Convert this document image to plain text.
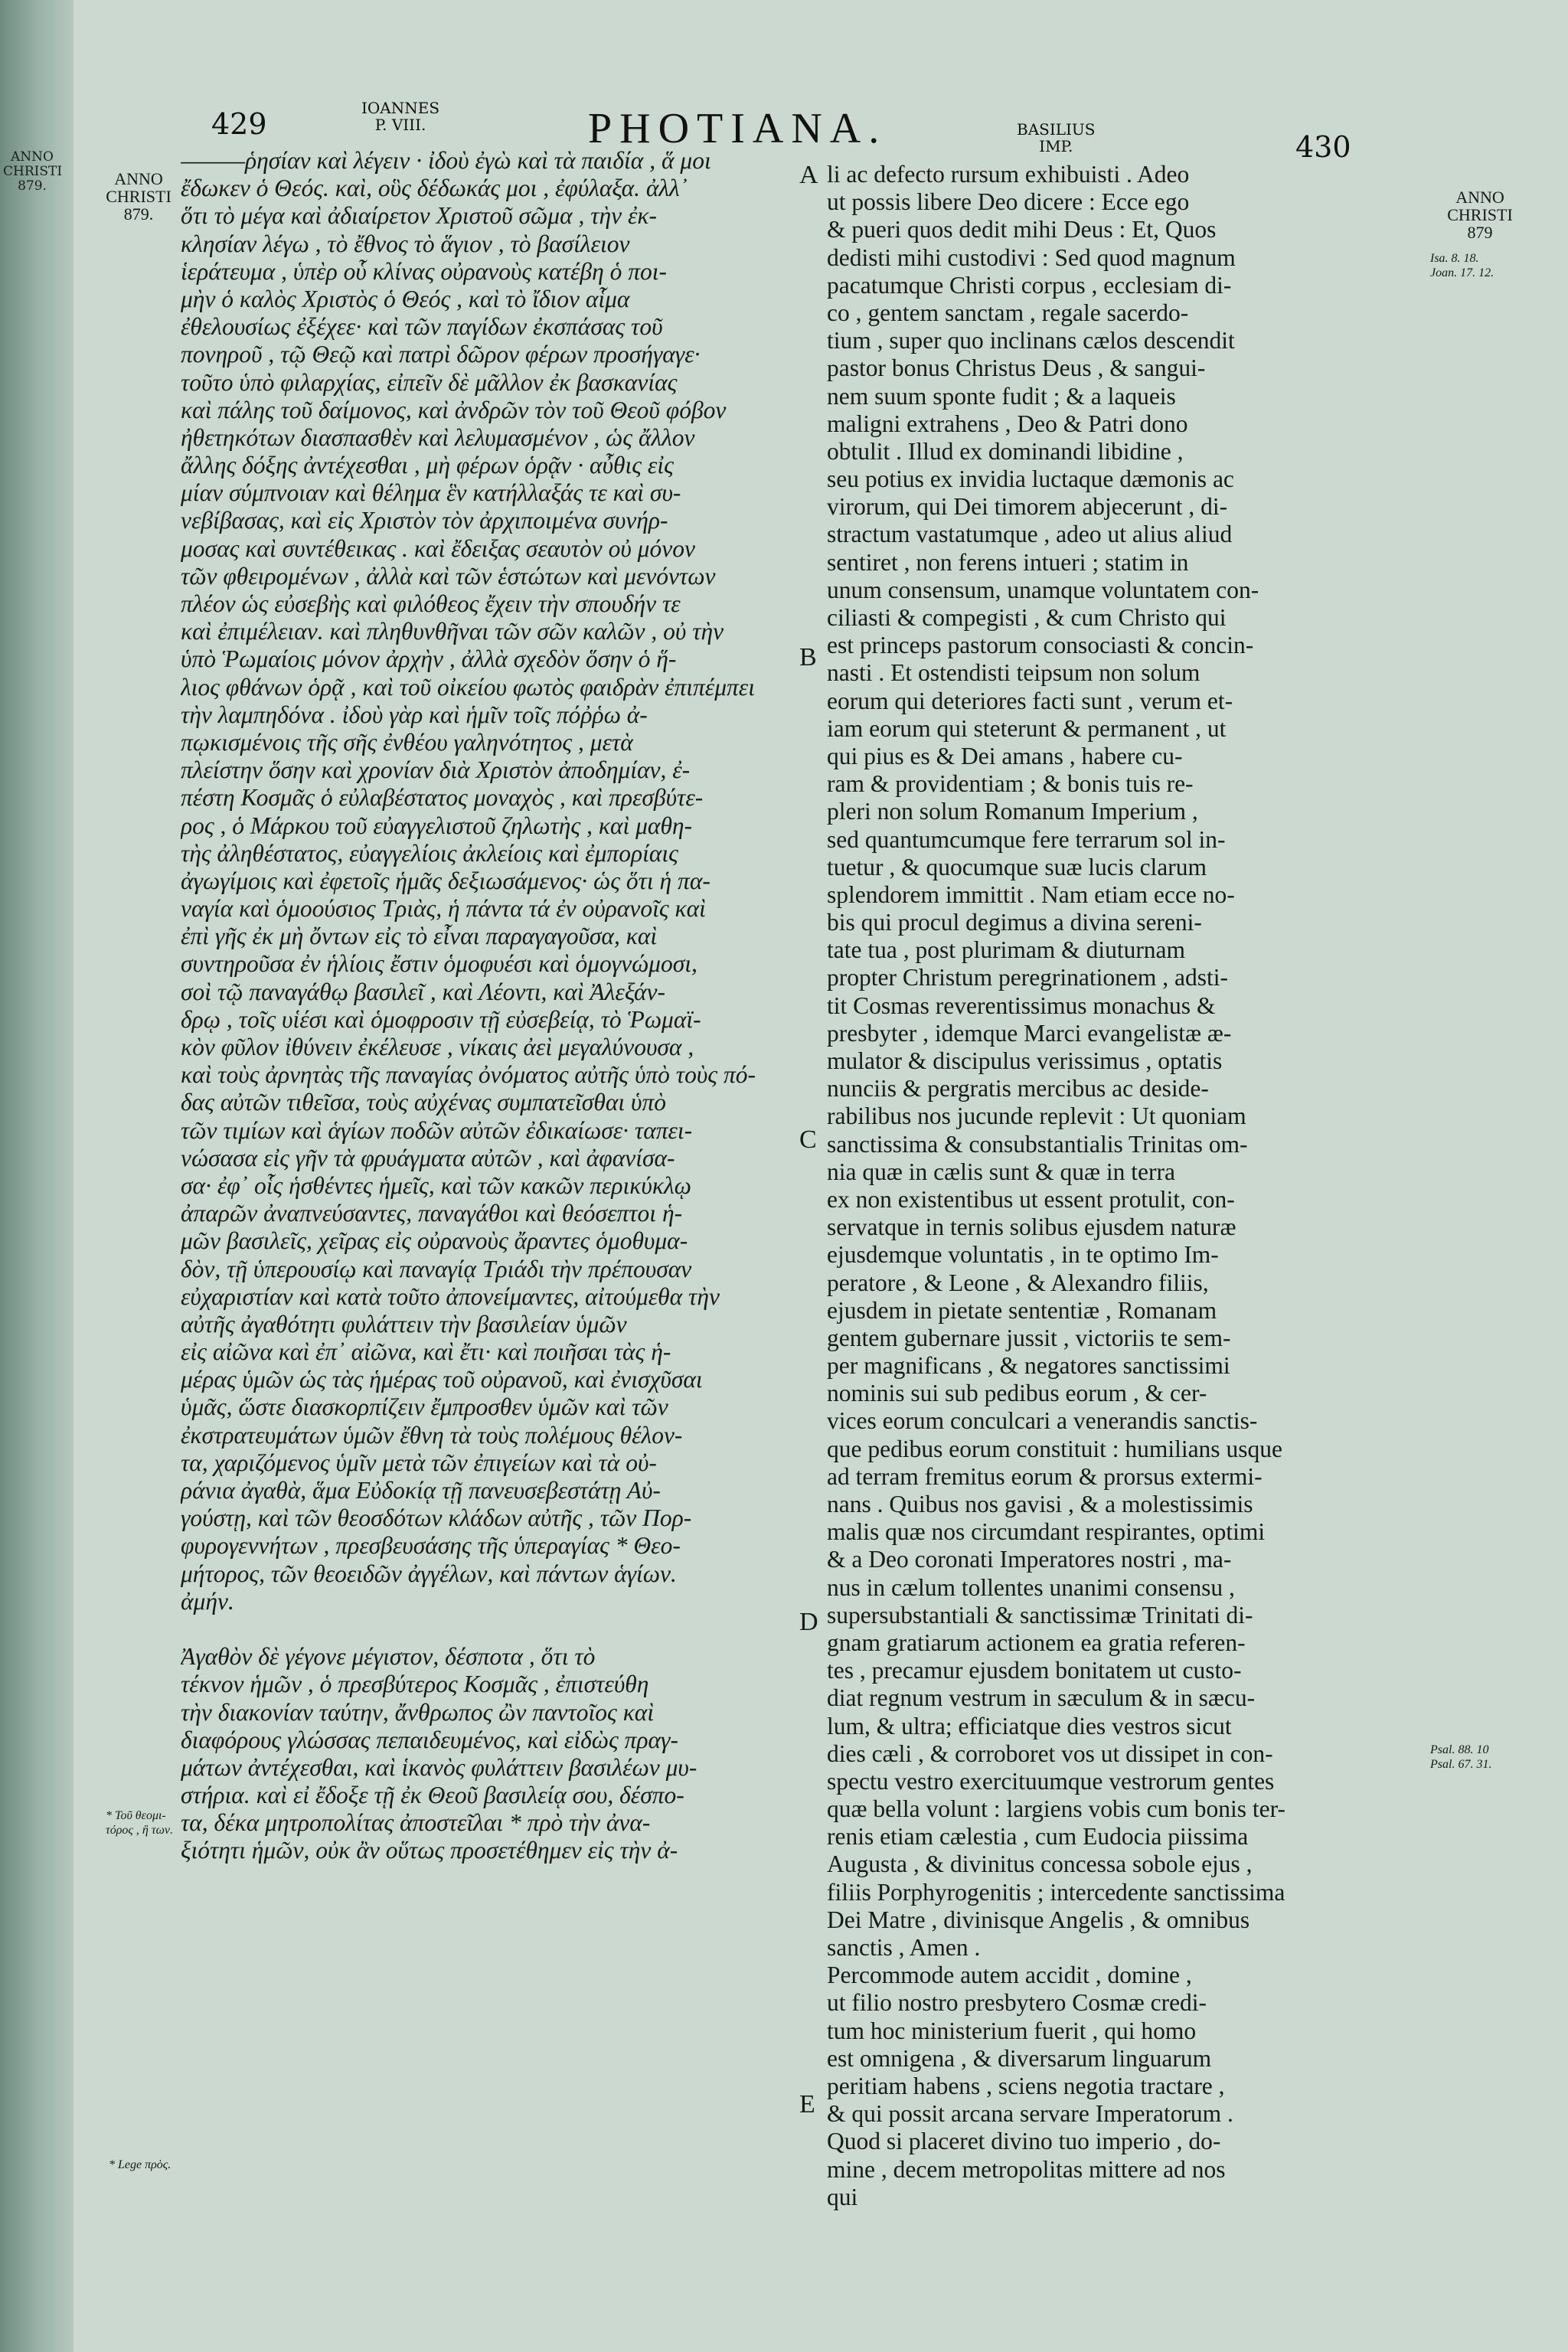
ANNO
CHRISTI
879.
429	IOANNES
P. VIII.	PHOTIANA.	BASILIUS
IMP.	430
ANNO
CHRISTI
879.
* Τοῦ θεομι-
τόρος , ἢ των.
* Lege πρὸς.
ANNO
CHRISTI
879
Isa. 8. 18.
Joan. 17. 12.
Psal. 88. 10
Psal. 67. 31.
———ῥησίαν καὶ λέγειν · ἰδοὺ ἐγὼ καὶ τὰ παιδία , ἅ μοι
ἔδωκεν ὁ Θεός. καὶ, οὓς δέδωκάς μοι , ἐφύλαξα. ἀλλ᾿
ὅτι τὸ μέγα καὶ ἀδιαίρετον Χριστοῦ σῶμα , τὴν ἐκ-
κλησίαν λέγω , τὸ ἔθνος τὸ ἅγιον , τὸ βασίλειον
ἱεράτευμα , ὑπὲρ οὗ κλίνας οὐρανοὺς κατέβη ὁ ποι-
μὴν ὁ καλὸς Χριστὸς ὁ Θεός , καὶ τὸ ἴδιον αἷμα
ἐθελουσίως ἐξέχεε· καὶ τῶν παγίδων ἐκσπάσας τοῦ
πονηροῦ , τῷ Θεῷ καὶ πατρὶ δῶρον φέρων προσήγαγε·
τοῦτο ὑπὸ φιλαρχίας, εἰπεῖν δὲ μᾶλλον ἐκ βασκανίας
καὶ πάλης τοῦ δαίμονος, καὶ ἀνδρῶν τὸν τοῦ Θεοῦ φόβον
ἠθετηκότων διασπασθὲν καὶ λελυμασμένον , ὡς ἄλλον
ἄλλης δόξης ἀντέχεσθαι , μὴ φέρων ὁρᾷν · αὖθις εἰς
μίαν σύμπνοιαν καὶ θέλημα ἓν κατήλλαξάς τε καὶ συ-
νεβίβασας, καὶ εἰς Χριστὸν τὸν ἀρχιποιμένα συνήρ-
μοσας καὶ συντέθεικας . καὶ ἔδειξας σεαυτὸν οὐ μόνον
τῶν φθειρομένων , ἀλλὰ καὶ τῶν ἑστώτων καὶ μενόντων
πλέον ὡς εὐσεβὴς καὶ φιλόθεος ἔχειν τὴν σπουδήν τε
καὶ ἐπιμέλειαν. καὶ πληθυνθῆναι τῶν σῶν καλῶν , οὐ τὴν
ὑπὸ Ῥωμαίοις μόνον ἀρχὴν , ἀλλὰ σχεδὸν ὅσην ὁ ἥ-
λιος φθάνων ὁρᾷ , καὶ τοῦ οἰκείου φωτὸς φαιδρὰν ἐπιπέμπει
τὴν λαμπηδόνα . ἰδοὺ γὰρ καὶ ἡμῖν τοῖς πόῤῥω ἀ-
πῳκισμένοις τῆς σῆς ἐνθέου γαληνότητος , μετὰ
πλείστην ὅσην καὶ χρονίαν διὰ Χριστὸν ἀποδημίαν, ἐ-
πέστη Κοσμᾶς ὁ εὐλαβέστατος μοναχὸς , καὶ πρεσβύτε-
ρος , ὁ Μάρκου τοῦ εὐαγγελιστοῦ ζηλωτὴς , καὶ μαθη-
τὴς ἀληθέστατος, εὐαγγελίοις ἀκλείοις καὶ ἐμπορίαις
ἀγωγίμοις καὶ ἐφετοῖς ἡμᾶς δεξιωσάμενος· ὡς ὅτι ἡ πα-
ναγία καὶ ὁμοούσιος Τριὰς, ἡ πάντα τά ἐν οὐρανοῖς καὶ
ἐπὶ γῆς ἐκ μὴ ὄντων εἰς τὸ εἶναι παραγαγοῦσα, καὶ
συντηροῦσα ἐν ἡλίοις ἔστιν ὁμοφυέσι καὶ ὁμογνώμοσι,
σοὶ τῷ παναγάθῳ βασιλεῖ , καὶ Λέοντι, καὶ Ἀλεξάν-
δρῳ , τοῖς υἱέσι καὶ ὁμοφροσιν τῇ εὐσεβείᾳ, τὸ Ῥωμαϊ-
κὸν φῦλον ἰθύνειν ἐκέλευσε , νίκαις ἀεὶ μεγαλύνουσα ,
καὶ τοὺς ἀρνητὰς τῆς παναγίας ὀνόματος αὐτῆς ὑπὸ τοὺς πό-
δας αὐτῶν τιθεῖσα, τοὺς αὐχένας συμπατεῖσθαι ὑπὸ
τῶν τιμίων καὶ ἁγίων ποδῶν αὐτῶν ἐδικαίωσε· ταπει-
νώσασα εἰς γῆν τὰ φρυάγματα αὐτῶν , καὶ ἀφανίσα-
σα· ἐφ᾿ οἷς ἡσθέντες ἡμεῖς, καὶ τῶν κακῶν περικύκλῳ
ἀπαρῶν ἀναπνεύσαντες, παναγάθοι καὶ θεόσεπτοι ἡ-
μῶν βασιλεῖς, χεῖρας εἰς οὐρανοὺς ἄραντες ὁμοθυμα-
δὸν, τῇ ὑπερουσίῳ καὶ παναγίᾳ Τριάδι τὴν πρέπουσαν
εὐχαριστίαν καὶ κατὰ τοῦτο ἀπονείμαντες, αἰτούμεθα τὴν
αὐτῆς ἀγαθότητι φυλάττειν τὴν βασιλείαν ὑμῶν
εἰς αἰῶνα καὶ ἐπ᾿ αἰῶνα, καὶ ἔτι· καὶ ποιῆσαι τὰς ἡ-
μέρας ὑμῶν ὡς τὰς ἡμέρας τοῦ οὐρανοῦ, καὶ ἐνισχῦσαι
ὑμᾶς, ὥστε διασκορπίζειν ἔμπροσθεν ὑμῶν καὶ τῶν
ἐκστρατευμάτων ὑμῶν ἔθνη τὰ τοὺς πολέμους θέλον-
τα, χαριζόμενος ὑμῖν μετὰ τῶν ἐπιγείων καὶ τὰ οὐ-
ράνια ἀγαθὰ, ἅμα Εὐδοκίᾳ τῇ πανευσεβεστάτῃ Αὐ-
γούστῃ, καὶ τῶν θεοσδότων κλάδων αὐτῆς , τῶν Πορ-
φυρογεννήτων , πρεσβευσάσης τῆς ὑπεραγίας * Θεο-
μήτορος, τῶν θεοειδῶν ἀγγέλων, καὶ πάντων ἁγίων.
ἀμήν.
Ἀγαθὸν δὲ γέγονε μέγιστον, δέσποτα , ὅτι τὸ
τέκνον ἡμῶν , ὁ πρεσβύτερος Κοσμᾶς , ἐπιστεύθη
τὴν διακονίαν ταύτην, ἄνθρωπος ὢν παντοῖος καὶ
διαφόρους γλώσσας πεπαιδευμένος, καὶ εἰδὼς πραγ-
μάτων ἀντέχεσθαι, καὶ ἱκανὸς φυλάττειν βασιλέων μυ-
στήρια. καὶ εἰ ἔδοξε τῇ ἐκ Θεοῦ βασιλείᾳ σου, δέσπο-
τα, δέκα μητροπολίτας ἀποστεῖλαι * πρὸ τὴν ἀνα-
ξιότητι ἡμῶν, οὐκ ἂν οὕτως προσετέθημεν εἰς τὴν ἀ-
li ac defecto rursum exhibuisti . Adeo
ut possis libere Deo dicere : Ecce ego
& pueri quos dedit mihi Deus : Et, Quos
dedisti mihi custodivi : Sed quod magnum
pacatumque Christi corpus , ecclesiam di-
co , gentem sanctam , regale sacerdo-
tium , super quo inclinans cælos descendit
pastor bonus Christus Deus , & sangui-
nem suum sponte fudit ; & a laqueis
maligni extrahens , Deo & Patri dono
obtulit . Illud ex dominandi libidine ,
seu potius ex invidia luctaque dæmonis ac
virorum, qui Dei timorem abjecerunt , di-
stractum vastatumque , adeo ut alius aliud
sentiret , non ferens intueri ; statim in
unum consensum, unamque voluntatem con-
ciliasti & compegisti , & cum Christo qui
est princeps pastorum consociasti & concin-
nasti . Et ostendisti teipsum non solum
eorum qui deteriores facti sunt , verum et-
iam eorum qui steterunt & permanent , ut
qui pius es & Dei amans , habere cu-
ram & providentiam ; & bonis tuis re-
pleri non solum Romanum Imperium ,
sed quantumcumque fere terrarum sol in-
tuetur , & quocumque suæ lucis clarum
splendorem immittit . Nam etiam ecce no-
bis qui procul degimus a divina sereni-
tate tua , post plurimam & diuturnam
propter Christum peregrinationem , adsti-
tit Cosmas reverentissimus monachus &
presbyter , idemque Marci evangelistæ æ-
mulator & discipulus verissimus , optatis
nunciis & pergratis mercibus ac deside-
rabilibus nos jucunde replevit : Ut quoniam
sanctissima & consubstantialis Trinitas om-
nia quæ in cælis sunt & quæ in terra
ex non existentibus ut essent protulit, con-
servatque in ternis solibus ejusdem naturæ
ejusdemque voluntatis , in te optimo Im-
peratore , & Leone , & Alexandro filiis,
ejusdem in pietate sententiæ , Romanam
gentem gubernare jussit , victoriis te sem-
per magnificans , & negatores sanctissimi
nominis sui sub pedibus eorum , & cer-
vices eorum conculcari a venerandis sanctis-
que pedibus eorum constituit : humilians usque
ad terram fremitus eorum & prorsus extermi-
nans . Quibus nos gavisi , & a molestissimis
malis quæ nos circumdant respirantes, optimi
& a Deo coronati Imperatores nostri , ma-
nus in cælum tollentes unanimi consensu ,
supersubstantiali & sanctissimæ Trinitati di-
gnam gratiarum actionem ea gratia referen-
tes , precamur ejusdem bonitatem ut custo-
diat regnum vestrum in sæculum & in sæcu-
lum, & ultra; efficiatque dies vestros sicut
dies cæli , & corroboret vos ut dissipet in con-
spectu vestro exercituumque vestrorum gentes
quæ bella volunt : largiens vobis cum bonis ter-
renis etiam cælestia , cum Eudocia piissima
Augusta , & divinitus concessa sobole ejus ,
filiis Porphyrogenitis ; intercedente sanctissima
Dei Matre , divinisque Angelis , & omnibus
sanctis , Amen .
Percommode autem accidit , domine ,
ut filio nostro presbytero Cosmæ credi-
tum hoc ministerium fuerit , qui homo
est omnigena , & diversarum linguarum
peritiam habens , sciens negotia tractare ,
& qui possit arcana servare Imperatorum .
Quod si placeret divino tuo imperio , do-
mine , decem metropolitas mittere ad nos
qui
A
B
C
D
E
